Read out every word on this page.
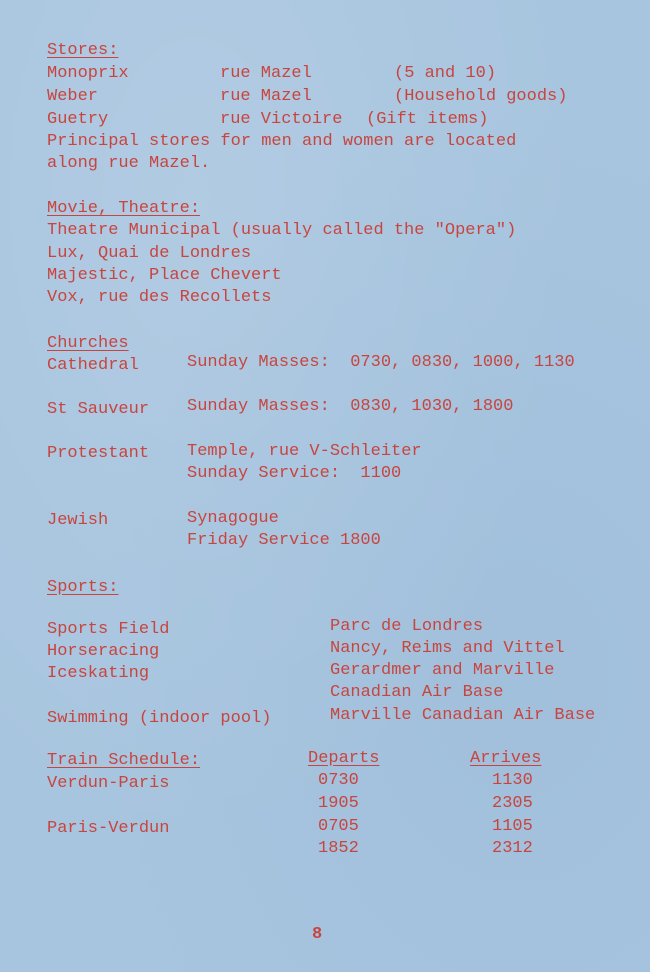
Stores:
Monoprix	rue Mazel	(5 and 10)
Weber	rue Mazel	(Household goods)
Guetry	rue Victoire (Gift items)
Principal stores for men and women are located
along rue Mazel.
Movie, Theatre:
Theatre Municipal (usually called the "Opera")
Lux, Quai de Londres
Majestic, Place Chevert
Vox, rue des Recollets
Churches
Cathedral	Sunday Masses:  0730, 0830, 1000, 1130
St Sauveur Sunday Masses:  0830, 1030, 1800
Protestant Temple, rue V-Schleiter
Sunday Service:  1100
Jewish	Synagogue
Friday Service 1800
Sports:
Sports Field	Parc de Londres
Horseracing	Nancy, Reims and Vittel
Iceskating	Gerardmer and Marville
Canadian Air Base
Swimming (indoor pool)	Marville Canadian Air Base
Train Schedule:	Departs	Arrives
Verdun-Paris	0730	1130
1905	2305
Paris-Verdun	0705	1105
1852	2312
8
